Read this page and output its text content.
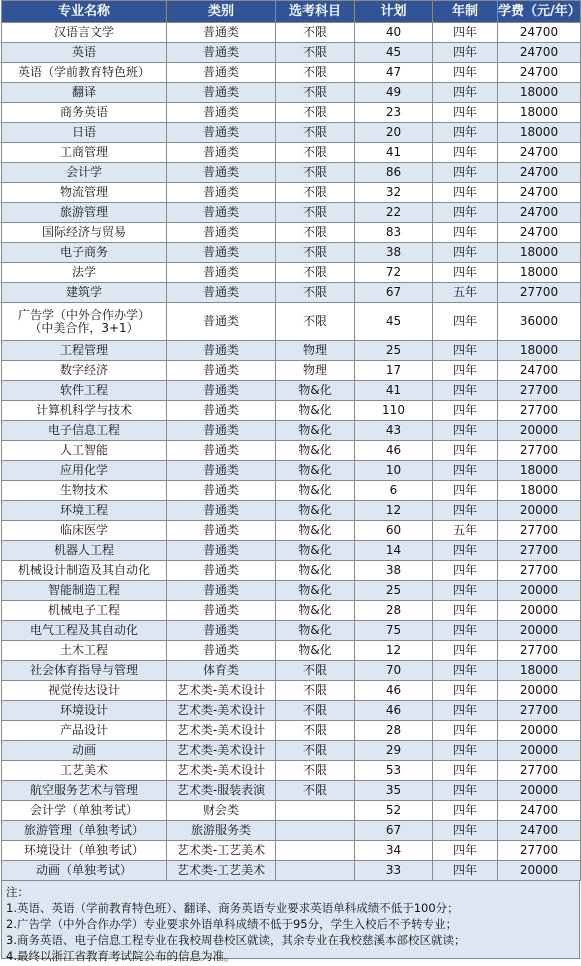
专业名称	类别	选考科目	计划	年制	学费（元/年）
汉语言文学	普通类	不限	40	四年	24700
英语	普通类	不限	45	四年	24700
英语（学前教育特色班）	普通类	不限	47	四年	24700
翻译	普通类	不限	49	四年	18000
商务英语	普通类	不限	23	四年	18000
日语	普通类	不限	20	四年	18000
工商管理	普通类	不限	41	四年	24700
会计学	普通类	不限	86	四年	24700
物流管理	普通类	不限	32	四年	24700
旅游管理	普通类	不限	22	四年	24700
国际经济与贸易	普通类	不限	83	四年	24700
电子商务	普通类	不限	38	四年	18000
法学	普通类	不限	72	四年	18000
建筑学	普通类	不限	67	五年	27700

广告学（中外合作办学）
（中美合作，3+1）	普通类	不限	45	四年	36000
工程管理	普通类	物理	25	四年	18000
数字经济	普通类	物理	17	四年	24700
软件工程	普通类	物&化	41	四年	27700
计算机科学与技术	普通类	物&化	110	四年	27700
电子信息工程	普通类	物&化	43	四年	20000
人工智能	普通类	物&化	46	四年	27700
应用化学	普通类	物&化	10	四年	18000
生物技术	普通类	物&化	6	四年	18000
环境工程	普通类	物&化	12	四年	20000
临床医学	普通类	物&化	60	五年	27700
机器人工程	普通类	物&化	14	四年	27700
机械设计制造及其自动化	普通类	物&化	38	四年	27700
智能制造工程	普通类	物&化	25	四年	20000
机械电子工程	普通类	物&化	28	四年	20000
电气工程及其自动化	普通类	物&化	75	四年	20000
土木工程	普通类	物&化	12	四年	27700
社会体育指导与管理	体育类	不限	70	四年	18000
视觉传达设计	艺术类-美术设计	不限	46	四年	20000
环境设计	艺术类-美术设计	不限	46	四年	27700
产品设计	艺术类-美术设计	不限	28	四年	20000
动画	艺术类-美术设计	不限	29	四年	20000
工艺美术	艺术类-美术设计	不限	53	四年	27700
航空服务艺术与管理	艺术类-服装表演	不限	35	四年	20000
会计学（单独考试）	财会类		52	四年	24700
旅游管理（单独考试）	旅游服务类		67	四年	24700
环境设计（单独考试）	艺术类-工艺美术		34	四年	27700
动画（单独考试）	艺术类-工艺美术		33	四年	20000
注：
1.英语、英语（学前教育特色班）、翻译、商务英语专业要求英语单科成绩不低于100分；
2.广告学（中外合作办学）专业要求外语单科成绩不低于95分，学生入校后不予转专业；
3.商务英语、电子信息工程专业在我校周巷校区就读，其余专业在我校慈溪本部校区就读；
4.最终以浙江省教育考试院公布的信息为准。
